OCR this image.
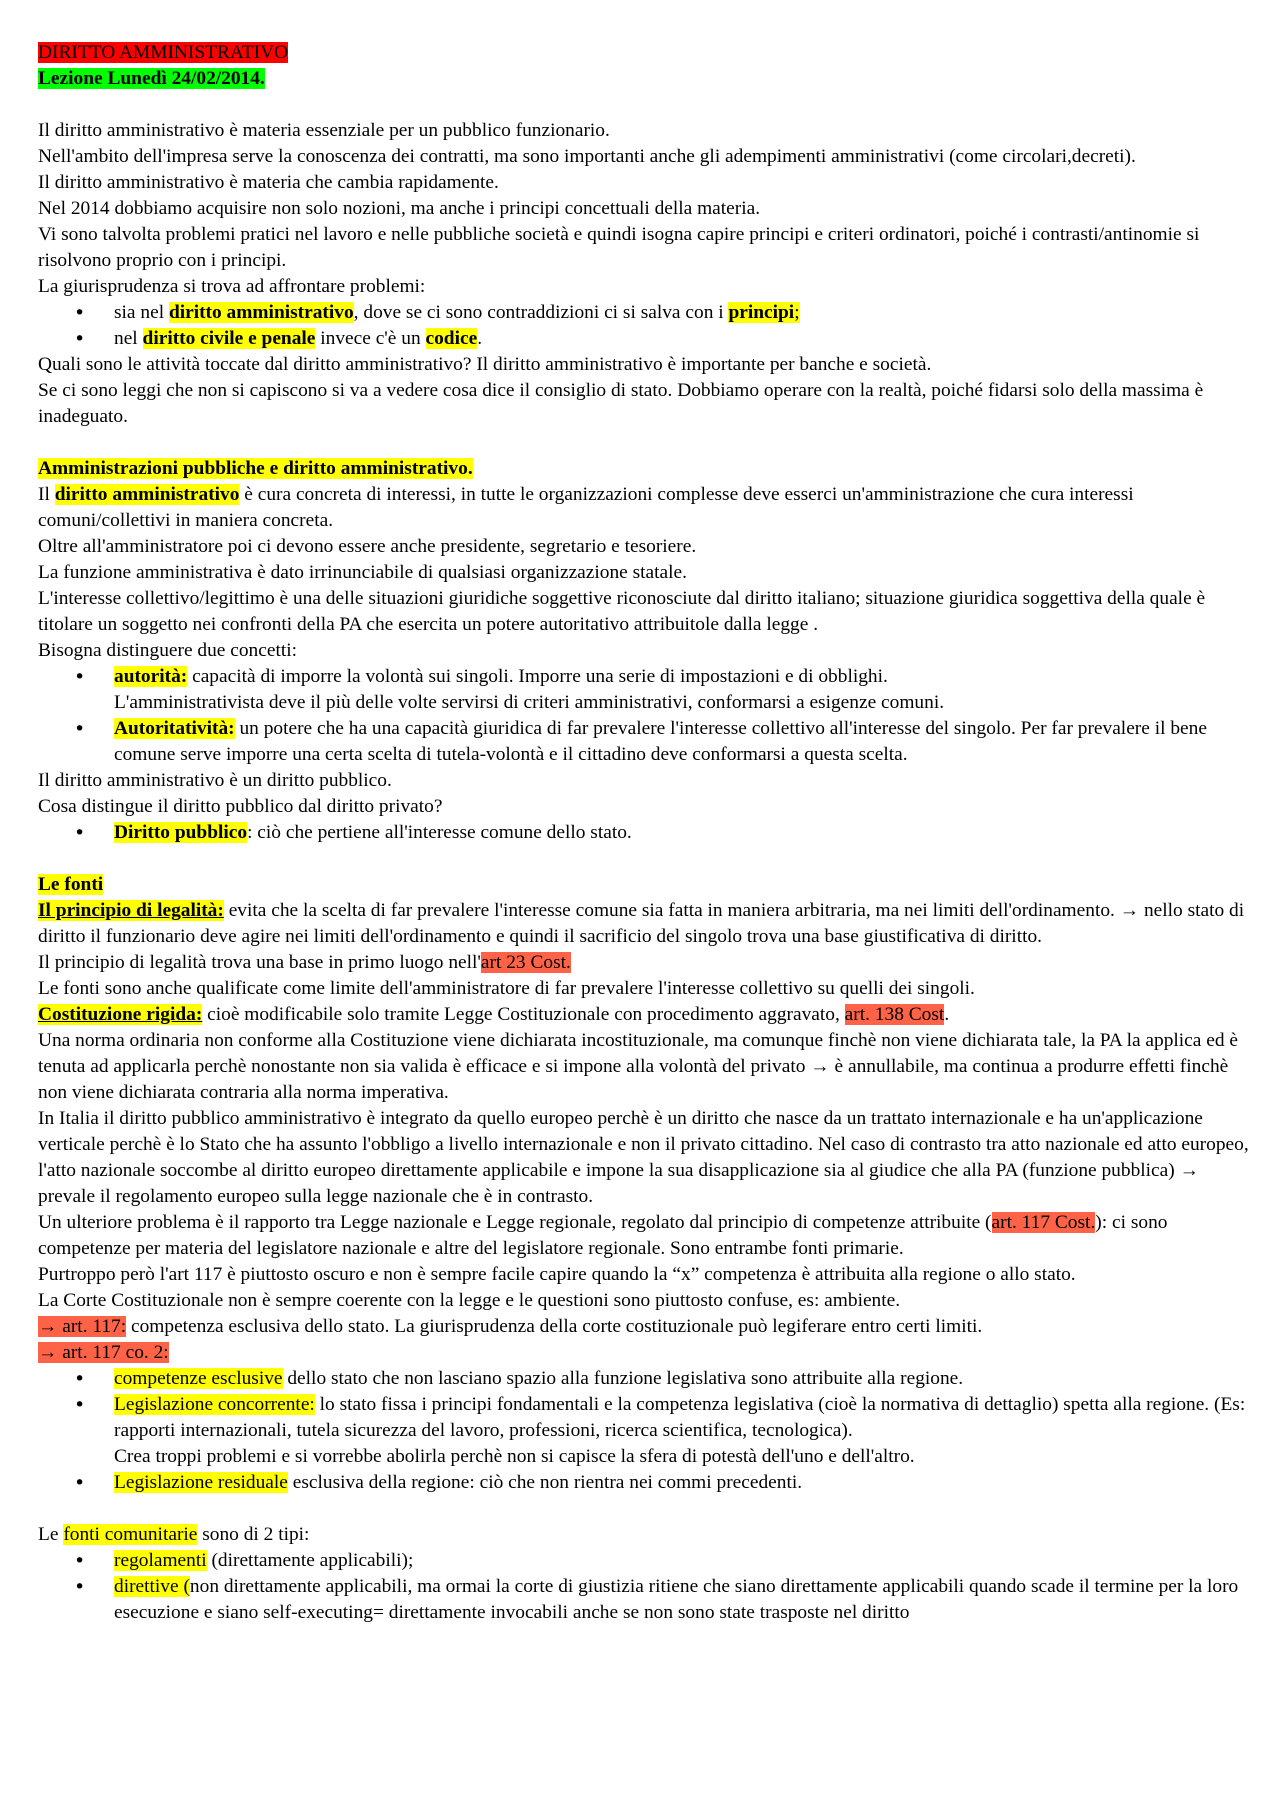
DIRITTO AMMINISTRATIVO

Lezione Lunedì 24/02/2014.

Il diritto amministrativo è materia essenziale per un pubblico funzionario.

Nell'ambito dell'impresa serve la conoscenza dei contratti, ma sono importanti anche gli adempimenti amministrativi (come circolari,decreti).

Il diritto amministrativo è materia che cambia rapidamente.

Nel 2014 dobbiamo acquisire non solo nozioni, ma anche i principi concettuali della materia.

Vi sono talvolta problemi pratici nel lavoro e nelle pubbliche società e quindi isogna capire principi e criteri ordinatori, poiché i contrasti/antinomie si risolvono proprio con i principi.

La giurisprudenza si trova ad affrontare problemi:

• sia nel diritto amministrativo, dove se ci sono contraddizioni ci si salva con i principi;
• nel diritto civile e penale invece c'è un codice.

Quali sono le attività toccate dal diritto amministrativo? Il diritto amministrativo è importante per banche e società.

Se ci sono leggi che non si capiscono si va a vedere cosa dice il consiglio di stato. Dobbiamo operare con la realtà, poiché fidarsi solo della massima è inadeguato.

Amministrazioni pubbliche e diritto amministrativo.

Il diritto amministrativo è cura concreta di interessi, in tutte le organizzazioni complesse deve esserci un'amministrazione che cura interessi comuni/collettivi in maniera concreta.

Oltre all'amministratore poi ci devono essere anche presidente, segretario e tesoriere.

La funzione amministrativa è dato irrinunciabile di qualsiasi organizzazione statale.

L'interesse collettivo/legittimo è una delle situazioni giuridiche soggettive riconosciute dal diritto italiano; situazione giuridica soggettiva della quale è titolare un soggetto nei confronti della PA che esercita un potere autoritativo attribuitole dalla legge .

Bisogna distinguere due concetti:

• autorità: capacità di imporre la volontà sui singoli. Imporre una serie di impostazioni e di obblighi.
L'amministrativista deve il più delle volte servirsi di criteri amministrativi, conformarsi a esigenze comuni.
• Autoritatività: un potere che ha una capacità giuridica di far prevalere l'interesse collettivo all'interesse del singolo. Per far prevalere il bene comune serve imporre una certa scelta di tutela-volontà e il cittadino deve conformarsi a questa scelta.

Il diritto amministrativo è un diritto pubblico.

Cosa distingue il diritto pubblico dal diritto privato?

• Diritto pubblico: ciò che pertiene all'interesse comune dello stato.

Le fonti

Il principio di legalità: evita che la scelta di far prevalere l'interesse comune sia fatta in maniera arbitraria, ma nei limiti dell'ordinamento. → nello stato di diritto il funzionario deve agire nei limiti dell'ordinamento e quindi il sacrificio del singolo trova una base giustificativa di diritto.

Il principio di legalità trova una base in primo luogo nell'art 23 Cost.

Le fonti sono anche qualificate come limite dell'amministratore di far prevalere l'interesse collettivo su quelli dei singoli.

Costituzione rigida: cioè modificabile solo tramite Legge Costituzionale con procedimento aggravato, art. 138 Cost.

Una norma ordinaria non conforme alla Costituzione viene dichiarata incostituzionale, ma comunque finchè non viene dichiarata tale, la PA la applica ed è tenuta ad applicarla perchè nonostante non sia valida è efficace e si impone alla volontà del privato → è annullabile, ma continua a produrre effetti finchè non viene dichiarata contraria alla norma imperativa.

In Italia il diritto pubblico amministrativo è integrato da quello europeo perchè è un diritto che nasce da un trattato internazionale e ha un'applicazione verticale perchè è lo Stato che ha assunto l'obbligo a livello internazionale e non il privato cittadino. Nel caso di contrasto tra atto nazionale ed atto europeo, l'atto nazionale soccombe al diritto europeo direttamente applicabile e impone la sua disapplicazione sia al giudice che alla PA (funzione pubblica) → prevale il regolamento europeo sulla legge nazionale che è in contrasto.

Un ulteriore problema è il rapporto tra Legge nazionale e Legge regionale, regolato dal principio di competenze attribuite (art. 117 Cost.): ci sono competenze per materia del legislatore nazionale e altre del legislatore regionale. Sono entrambe fonti primarie.

Purtroppo però l'art 117 è piuttosto oscuro e non è sempre facile capire quando la “x” competenza è attribuita alla regione o allo stato.

La Corte Costituzionale non è sempre coerente con la legge e le questioni sono piuttosto confuse, es: ambiente.

→ art. 117: competenza esclusiva dello stato. La giurisprudenza della corte costituzionale può legiferare entro certi limiti.

→ art. 117 co. 2:

• competenze esclusive dello stato che non lasciano spazio alla funzione legislativa sono attribuite alla regione.
• Legislazione concorrente: lo stato fissa i principi fondamentali e la competenza legislativa (cioè la normativa di dettaglio) spetta alla regione. (Es: rapporti internazionali, tutela sicurezza del lavoro, professioni, ricerca scientifica, tecnologica).
Crea troppi problemi e si vorrebbe abolirla perchè non si capisce la sfera di potestà dell'uno e dell'altro.
• Legislazione residuale esclusiva della regione: ciò che non rientra nei commi precedenti.

Le fonti comunitarie sono di 2 tipi:

• regolamenti (direttamente applicabili);
• direttive (non direttamente applicabili, ma ormai la corte di giustizia ritiene che siano direttamente applicabili quando scade il termine per la loro esecuzione e siano self-executing= direttamente invocabili anche se non sono state trasposte nel diritto
